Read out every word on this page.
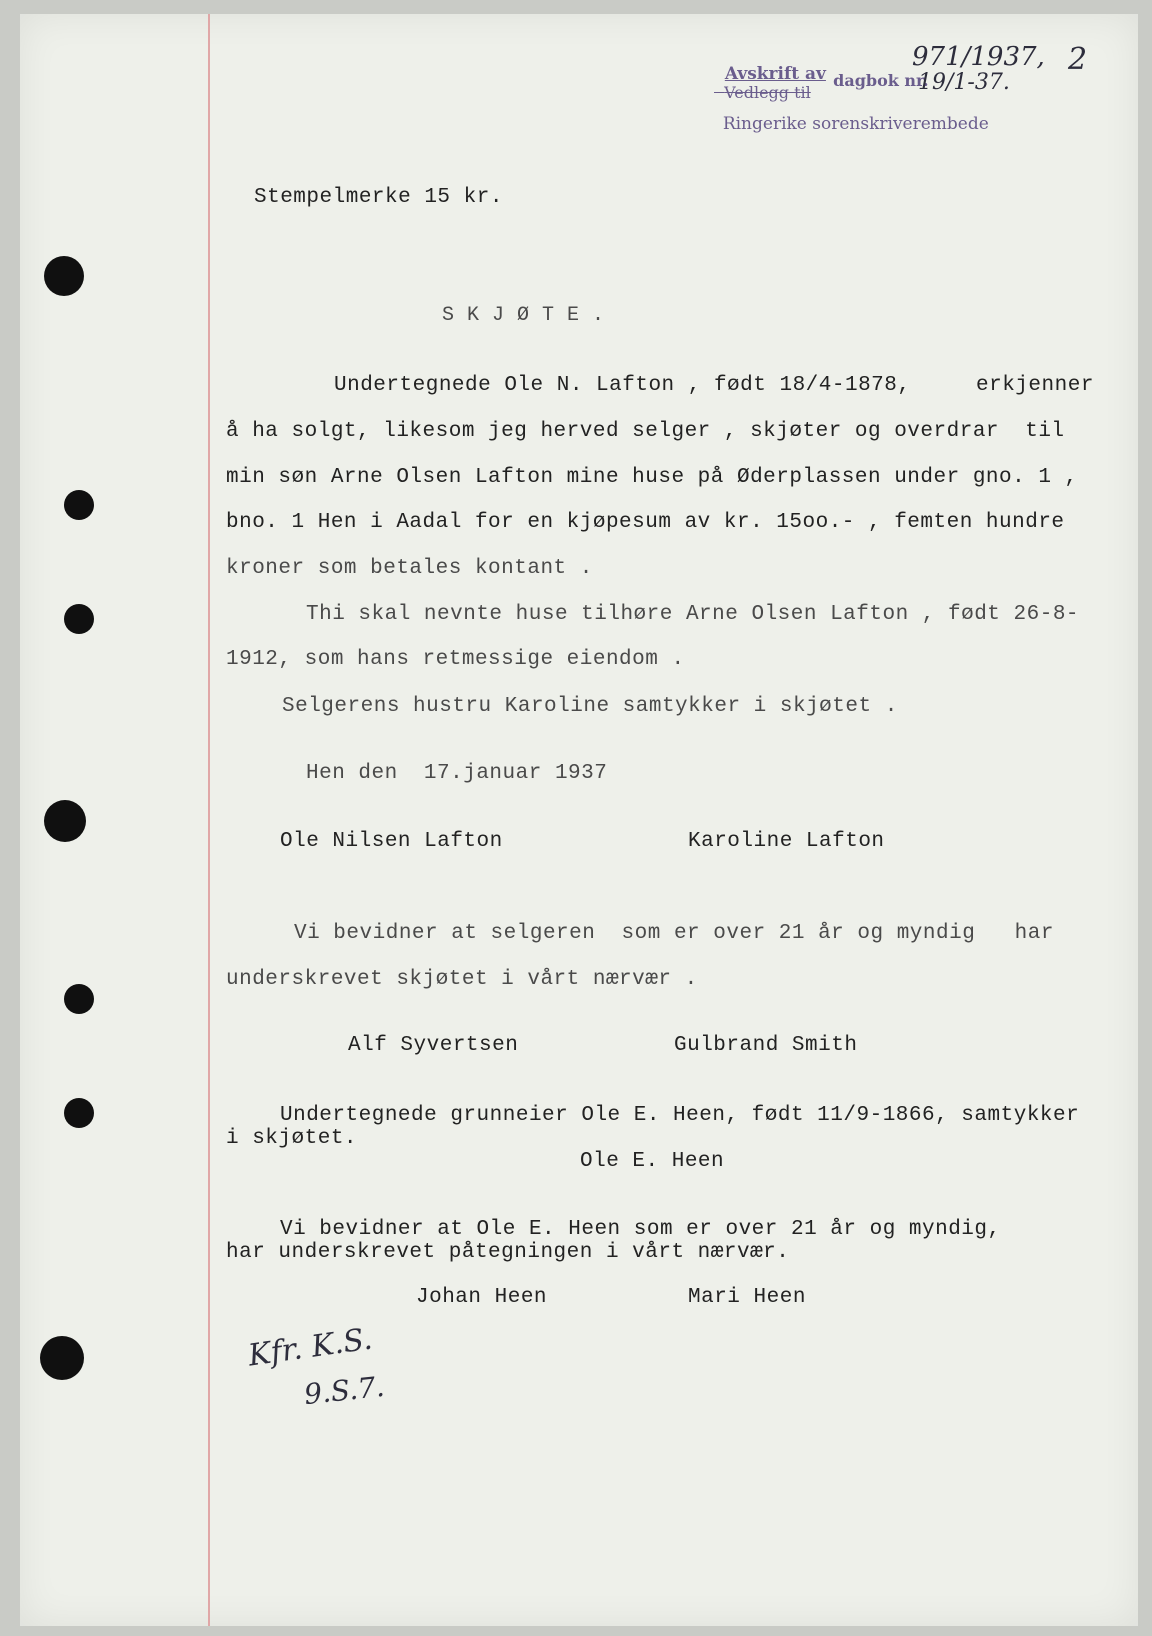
Avskrift av

Vedlegg til

dagbok nr.

Ringerike sorenskriverembede

971/1937,
19/1-37.
2
Stempelmerke 15 kr.
S K J Ø T E .
Undertegnede Ole N. Lafton , født 18/4-1878,     erkjenner
å ha solgt, likesom jeg herved selger , skjøter og overdrar  til
min søn Arne Olsen Lafton mine huse på Øderplassen under gno. 1 ,
bno. 1 Hen i Aadal for en kjøpesum av kr. 15oo.- , femten hundre
kroner som betales kontant .
Thi skal nevnte huse tilhøre Arne Olsen Lafton , født 26-8-
1912, som hans retmessige eiendom .
Selgerens hustru Karoline samtykker i skjøtet .
Hen den  17.januar 1937
Ole Nilsen Lafton	Karoline Lafton
Vi bevidner at selgeren  som er over 21 år og myndig   har
underskrevet skjøtet i vårt nærvær .
Alf Syvertsen	Gulbrand Smith
Undertegnede grunneier Ole E. Heen, født 11/9-1866, samtykker
i skjøtet.
Ole E. Heen
Vi bevidner at Ole E. Heen som er over 21 år og myndig,
har underskrevet påtegningen i vårt nærvær.
Johan Heen	Mari Heen
Kfr. K.S.
9.S.7.
